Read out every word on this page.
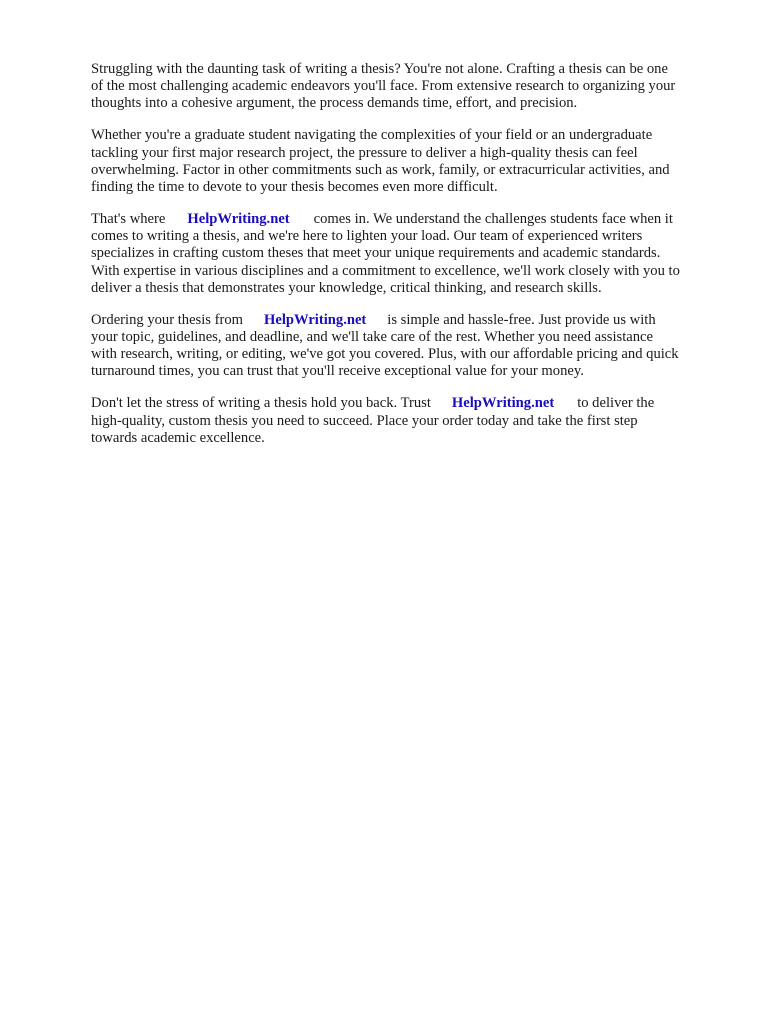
Struggling with the daunting task of writing a thesis? You're not alone. Crafting a thesis can be one
of the most challenging academic endeavors you'll face. From extensive research to organizing your
thoughts into a cohesive argument, the process demands time, effort, and precision.

Whether you're a graduate student navigating the complexities of your field or an undergraduate
tackling your first major research project, the pressure to deliver a high-quality thesis can feel
overwhelming. Factor in other commitments such as work, family, or extracurricular activities, and
finding the time to devote to your thesis becomes even more difficult.

That's where HelpWriting.net comes in. We understand the challenges students face when it
comes to writing a thesis, and we're here to lighten your load. Our team of experienced writers
specializes in crafting custom theses that meet your unique requirements and academic standards.
With expertise in various disciplines and a commitment to excellence, we'll work closely with you to
deliver a thesis that demonstrates your knowledge, critical thinking, and research skills.

Ordering your thesis from HelpWriting.net is simple and hassle-free. Just provide us with
your topic, guidelines, and deadline, and we'll take care of the rest. Whether you need assistance
with research, writing, or editing, we've got you covered. Plus, with our affordable pricing and quick
turnaround times, you can trust that you'll receive exceptional value for your money.

Don't let the stress of writing a thesis hold you back. Trust HelpWriting.net to deliver the
high-quality, custom thesis you need to succeed. Place your order today and take the first step
towards academic excellence.
